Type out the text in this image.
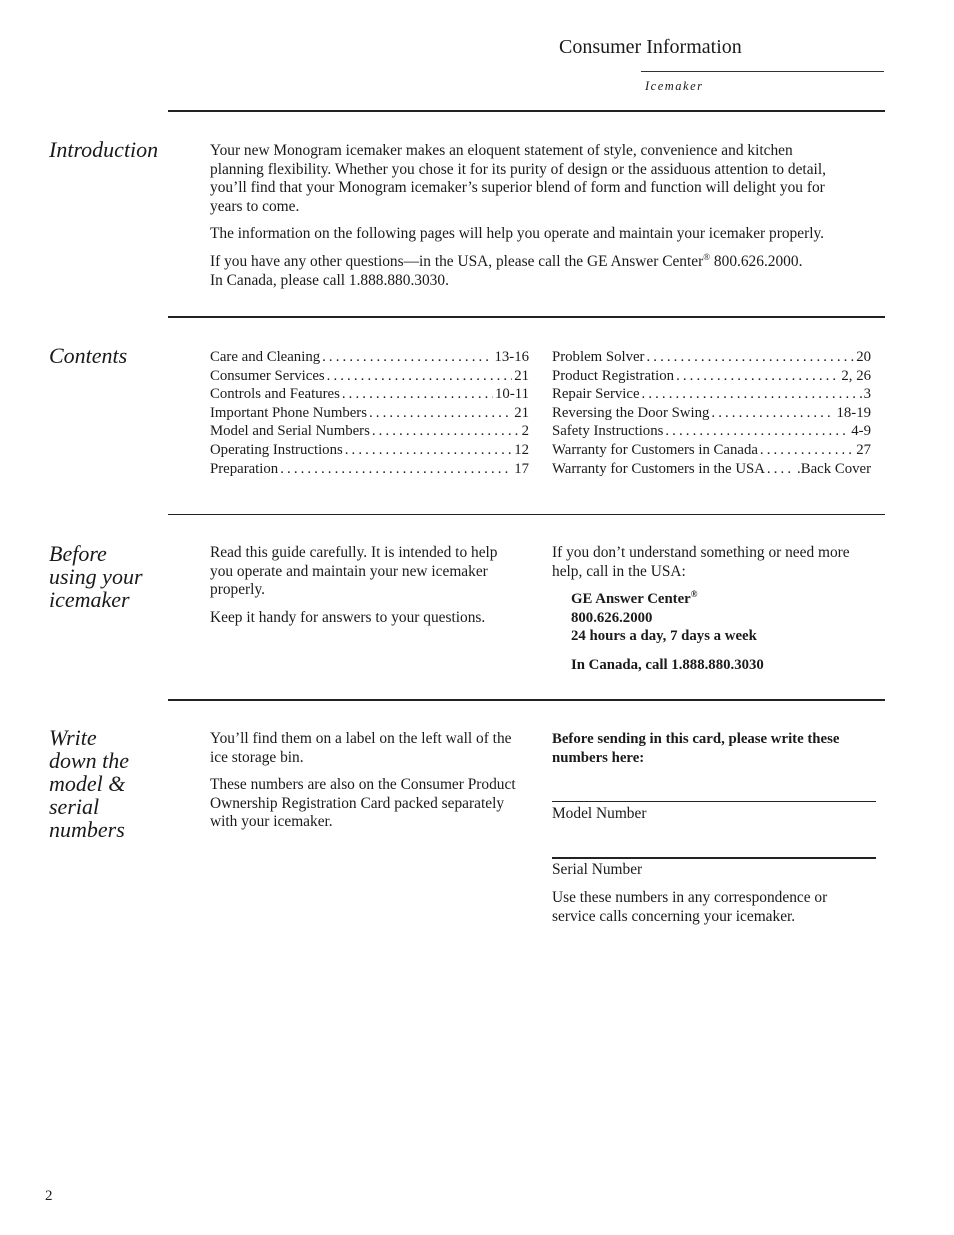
Consumer Information
Icemaker
Introduction	Your new Monogram icemaker makes an eloquent statement of style, convenience and kitchen planning flexibility. Whether you chose it for its purity of design or the assiduous attention to detail, you’ll find that your Monogram icemaker’s superior blend of form and function will delight you for years to come.

The information on the following pages will help you operate and maintain your icemaker properly.

If you have any other questions—in the USA, please call the GE Answer Center® 800.626.2000.
In Canada, please call 1.888.880.3030.

Contents	Care and Cleaning . . .	13-16
Consumer Services . . .	21
Controls and Features . . .	10-11
Important Phone Numbers . . .	21
Model and Serial Numbers . . .	2
Operating Instructions . . .	12
Preparation . . .	17
Problem Solver . . .	20
Product Registration . . .	2, 26
Repair Service . . .	3
Reversing the Door Swing . . .	18-19
Safety Instructions . . .	4-9
Warranty for Customers in Canada . . .	27
Warranty for Customers in the USA . . . .Back Cover
Before
using your
icemaker

Read this guide carefully. It is intended to help you operate and maintain your new icemaker properly.

Keep it handy for answers to your questions.

If you don’t understand something or need more help, call in the USA:

GE Answer Center®
800.626.2000
24 hours a day, 7 days a week
In Canada, call 1.888.880.3030
Write
down the
model &
serial
numbers

You’ll find them on a label on the left wall of the ice storage bin.

These numbers are also on the Consumer Product Ownership Registration Card packed separately with your icemaker.

Before sending in this card, please write these numbers here:
Model Number
Serial Number
Use these numbers in any correspondence or service calls concerning your icemaker.
2
